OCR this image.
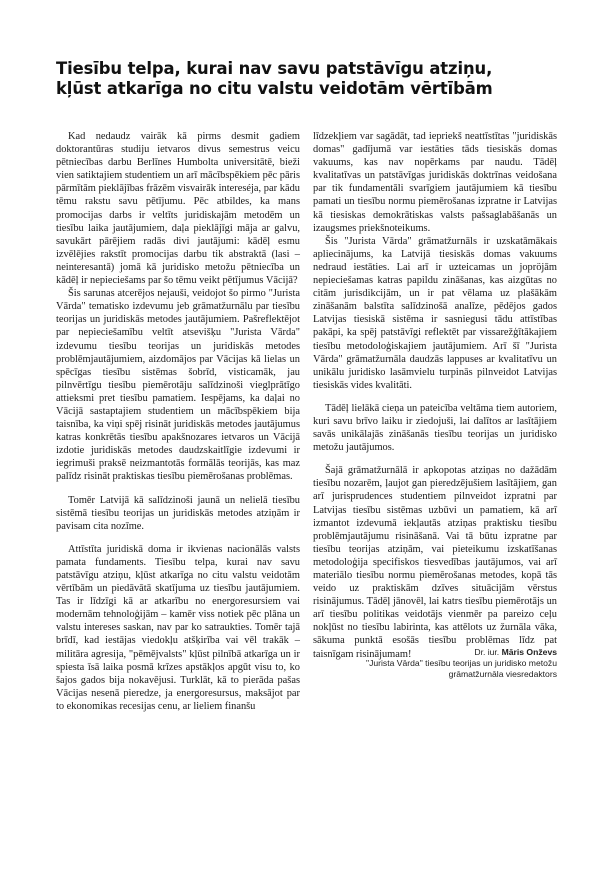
Tiesību telpa, kurai nav savu patstāvīgu atziņu,
kļūst atkarīga no citu valstu veidotām vērtībām

Kad nedaudz vairāk kā pirms desmit gadiem doktorantūras studiju ietvaros divus semestrus veicu pētniecības darbu Berlīnes Humbolta universitātē, bieži vien satiktajiem studentiem un arī mācībspēkiem pēc pāris pārmītām pieklājības frāzēm visvairāk intereséja, par kādu tēmu rakstu savu pētījumu. Pēc atbildes, ka mans promocijas darbs ir veltīts juridiskajām metodēm un tiesību laika jautājumiem, daļa pieklājīgi māja ar galvu, savukārt pārējiem radās divi jautājumi: kādēļ esmu izvēlējies rakstīt promocijas darbu tik abstraktā (lasi – neinteresantā) jomā kā juridisko metožu pētniecība un kādēļ ir nepieciešams par šo tēmu veikt pētījumus Vācijā?

Šis sarunas atcerējos nejauši, veidojot šo pirmo "Jurista Vārda" tematisko izdevumu jeb grāmatžurnālu par tiesību teorijas un juridiskās metodes jautājumiem. Pašreflektējot par nepieciešamību veltīt atsevišķu "Jurista Vārda" izdevumu tiesību teorijas un juridiskās metodes problēmjautājumiem, aizdomājos par Vācijas kā lielas un spēcīgas tiesību sistēmas šobrīd, visticamāk, jau pilnvērtīgu tiesību piemērotāju salīdzinoši vieglprātīgo attieksmi pret tiesību pamatiem. Iespējams, ka daļai no Vācijā sastaptajiem studentiem un mācībspēkiem bija taisnība, ka viņi spēj risināt juridiskās metodes jautājumus katras konkrētās tiesību apakšnozares ietvaros un Vācijā izdotie juridiskās metodes daudzskaitlīgie izdevumi ir iegrimuši praksē neizmantotās formālās teorijās, kas maz palīdz risināt praktiskas tiesību piemērošanas problēmas.

Tomēr Latvijā kā salīdzinoši jaunā un nelielā tiesību sistēmā tiesību teorijas un juridiskās metodes atziņām ir pavisam cita nozīme.

Attīstīta juridiskā doma ir ikvienas nacionālās valsts pamata fundaments. Tiesību telpa, kurai nav savu patstāvīgu atziņu, kļūst atkarīga no citu valstu veidotām vērtībām un piedāvātā skatījuma uz tiesību jautājumiem. Tas ir līdzīgi kā ar atkarību no energoresursiem vai modernām tehnoloģijām – kamēr viss notiek pēc plāna un valstu intereses saskan, nav par ko satraukties. Tomēr tajā brīdī, kad iestājas viedokļu atšķirība vai vēl trakāk – militāra agresija, "pēmējvalsts" kļūst pilnībā atkarīga un ir spiesta īsā laika posmā krīzes apstākļos apgūt visu to, ko šajos gados bija nokavējusi. Turklāt, kā to pierāda pašas Vācijas nesenā pieredze, ja energoresursus, maksājot par to ekonomikas recesijas cenu, ar lieliem finanšu

līdzekļiem var sagādāt, tad iepriekš neattīstītas "juridiskās domas" gadījumā var iestāties tāds tiesiskās domas vakuums, kas nav nopērkams par naudu. Tādēļ kvalitatīvas un patstāvīgas juridiskās doktrīnas veidošana par tik fundamentāli svarīgiem jautājumiem kā tiesību pamati un tiesību normu piemērošanas izpratne ir Latvijas kā tiesiskas demokrātiskas valsts pašsaglabāšanās un izaugsmes priekšnoteikums.

Šis "Jurista Vārda" grāmatžurnāls ir uzskatāmākais apliecinājums, ka Latvijā tiesiskās domas vakuums nedraud iestāties. Lai arī ir uzteicamas un jopröjām nepieciešamas katras papildu zināšanas, kas aizgūtas no citām jurisdikcijām, un ir pat vēlama uz plašākām zināšanām balstīta salīdzinošā analīze, pēdējos gados Latvijas tiesiskā sistēma ir sasniegusi tādu attīstības pakāpi, ka spēj patstāvīgi reflektēt par vissarežģītākajiem tiesību metodoloģiskajiem jautājumiem. Arī šī "Jurista Vārda" grāmatžurnāla daudzās lappuses ar kvalitatīvu un unikālu juridisko lasāmvielu turpinās pilnveidot Latvijas tiesiskās vides kvalitāti.

Tādēļ lielākā cieņa un pateicība veltāma tiem autoriem, kuri savu brīvo laiku ir ziedojuši, lai dalītos ar lasītājiem savās unikālajās zināšanās tiesību teorijas un juridisko metožu jautājumos.

Šajā grāmatžurnālā ir apkopotas atziņas no dažādām tiesību nozarēm, ļaujot gan pieredzējušiem lasītājiem, gan arī jurisprudences studentiem pilnveidot izpratni par Latvijas tiesību sistēmas uzbūvi un pamatiem, kā arī izmantot izdevumā iekļautās atziņas praktisku tiesību problēmjautājumu risināšanā. Vai tā būtu izpratne par tiesību teorijas atziņām, vai pieteikumu izskatīšanas metodoloģija specifiskos tiesvedības jautājumos, vai arī materiālo tiesību normu piemērošanas metodes, kopā tās veido uz praktiskām dzīves situācijām vērstus risinājumus. Tādēļ jānovēl, lai katrs tiesību piemērotājs un arī tiesību politikas veidotājs vienmēr pa pareizo ceļu nokļūst no tiesību labirinta, kas attēlots uz žurnāla vāka, sākuma punktā esošās tiesību problēmas līdz pat taisnīgam risinājumam!	Dr. iur. Māris Onževs
"Jurista Vārda" tiesību teorijas un juridisko metožu
grāmatžurnāla viesredaktors
